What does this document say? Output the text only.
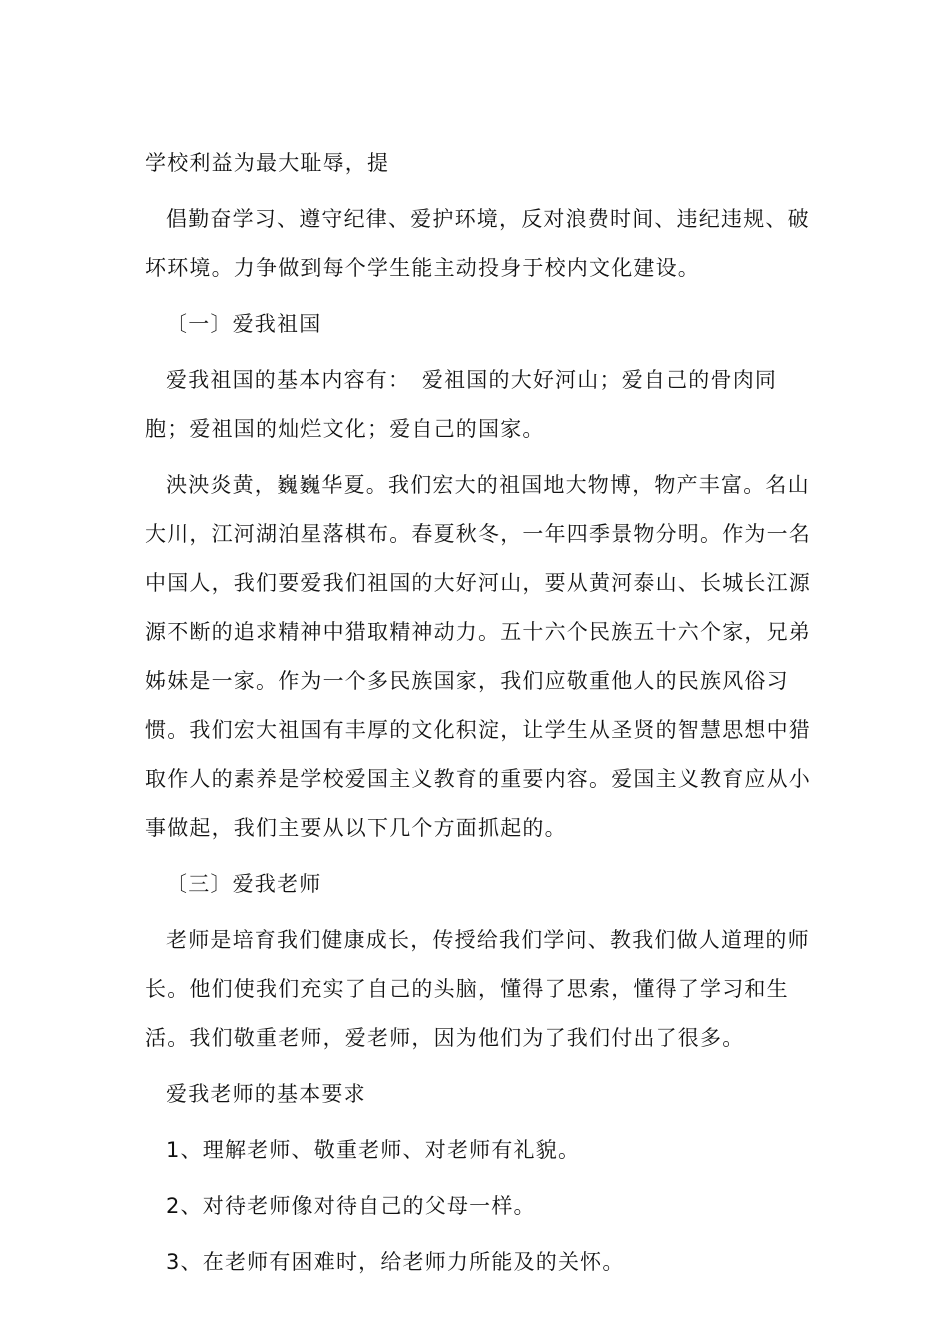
学校利益为最大耻辱，提

倡勤奋学习、遵守纪律、爱护环境，反对浪费时间、违纪违规、破坏环境。力争做到每个学生能主动投身于校内文化建设。

〔一〕爱我祖国

爱我祖国的基本内容有：　爱祖国的大好河山；爱自己的骨肉同胞；爱祖国的灿烂文化；爱自己的国家。

泱泱炎黄，巍巍华夏。我们宏大的祖国地大物博，物产丰富。名山大川，江河湖泊星落棋布。春夏秋冬，一年四季景物分明。作为一名中国人，我们要爱我们祖国的大好河山，要从黄河泰山、长城长江源源不断的追求精神中猎取精神动力。五十六个民族五十六个家，兄弟姊妹是一家。作为一个多民族国家，我们应敬重他人的民族风俗习惯。我们宏大祖国有丰厚的文化积淀，让学生从圣贤的智慧思想中猎取作人的素养是学校爱国主义教育的重要内容。爱国主义教育应从小事做起，我们主要从以下几个方面抓起的。

〔三〕爱我老师

老师是培育我们健康成长，传授给我们学问、教我们做人道理的师长。他们使我们充实了自己的头脑，懂得了思索，懂得了学习和生活。我们敬重老师，爱老师，因为他们为了我们付出了很多。

爱我老师的基本要求

1、理解老师、敬重老师、对老师有礼貌。

2、对待老师像对待自己的父母一样。

3、在老师有困难时，给老师力所能及的关怀。
